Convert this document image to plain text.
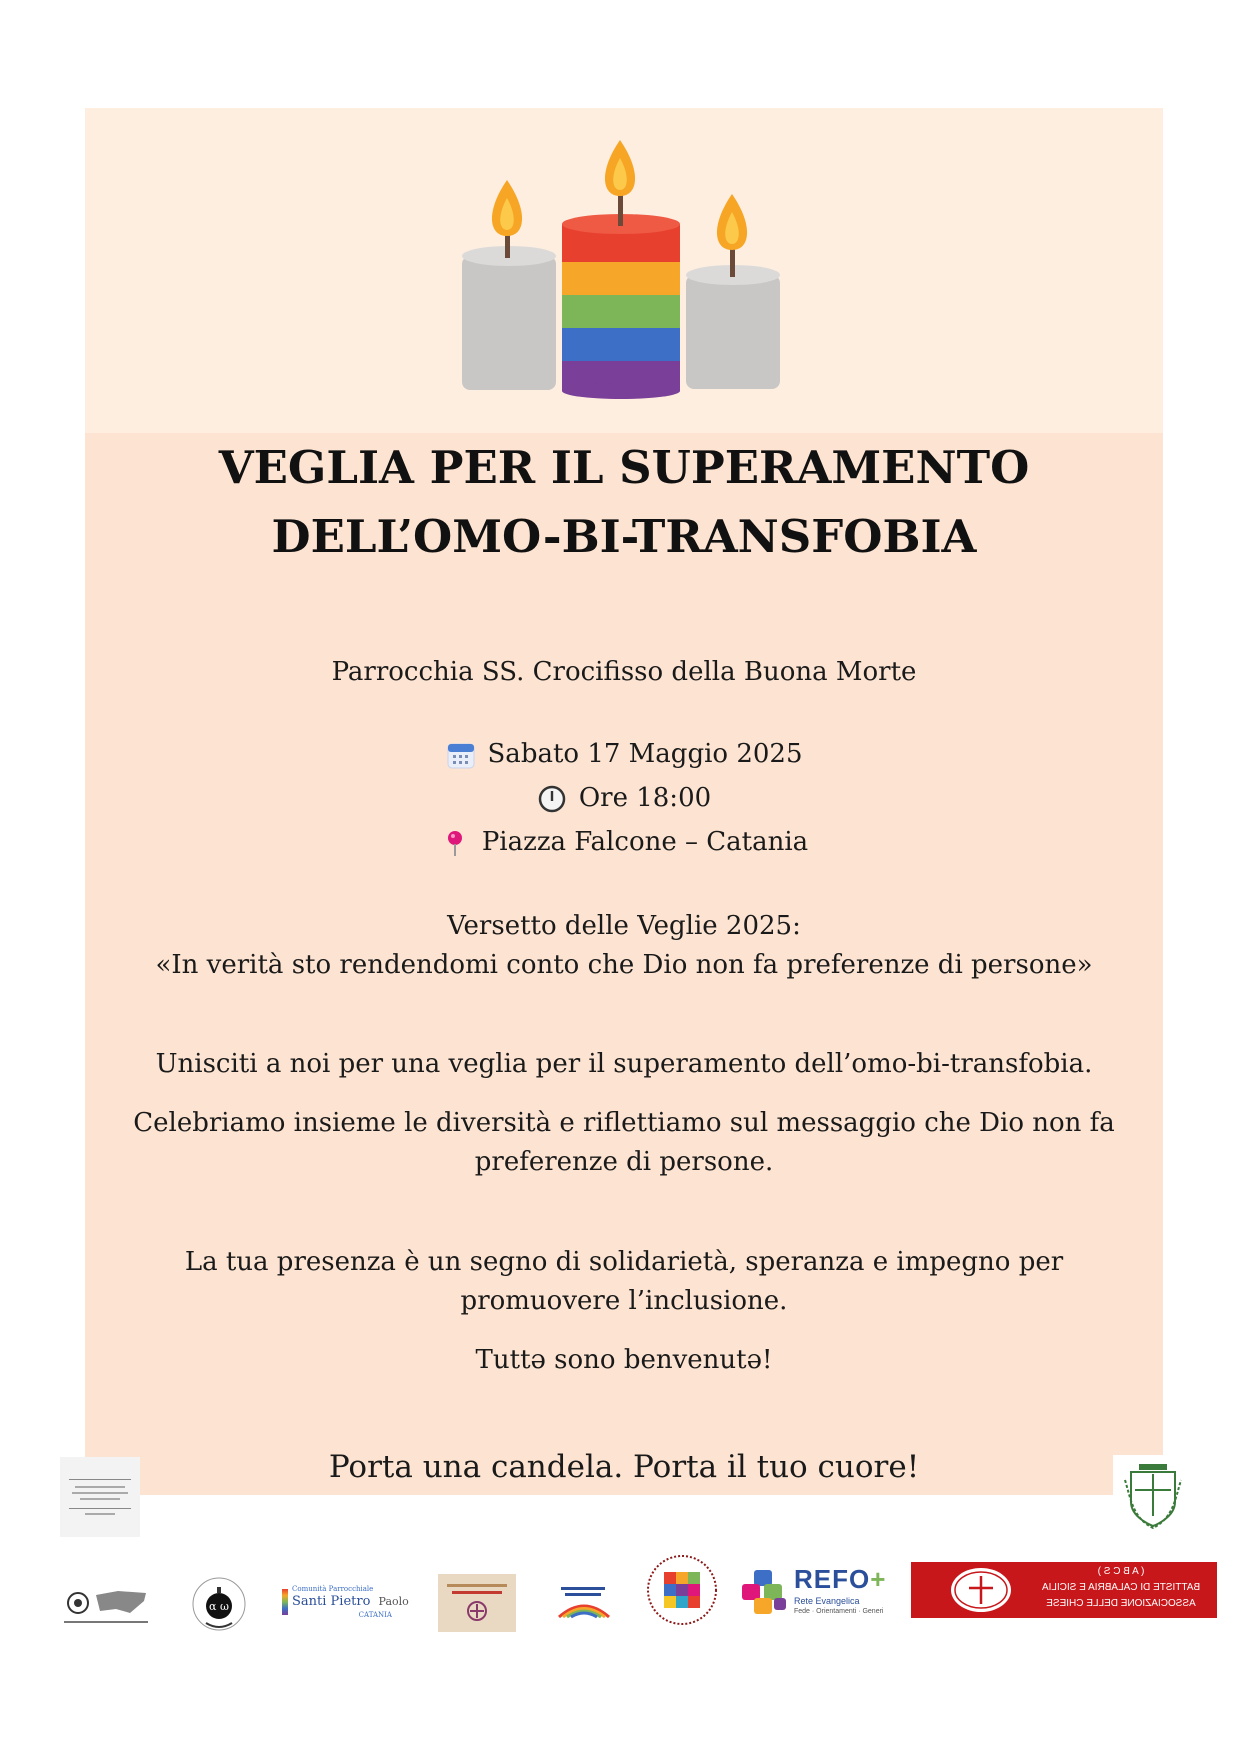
VEGLIA PER IL SUPERAMENTO
DELL’OMO-BI-TRANSFOBIA

Parrocchia SS. Crocifisso della Buona Morte

Sabato 17 Maggio 2025
Ore 18:00
Piazza Falcone – Catania

Versetto delle Veglie 2025:

«In verità sto rendendomi conto che Dio non fa preferenze di persone»

Unisciti a noi per una veglia per il superamento dell’omo-bi-transfobia.

Celebriamo insieme le diversità e riflettiamo sul messaggio che Dio non fa
preferenze di persone.

La tua presenza è un segno di solidarietà, speranza e impegno per
promuovere l’inclusione.

Tuttə sono benvenutə!

Porta una candela. Porta il tuo cuore!

α ω
Comunità Parrocchiale
Santi Pietro Paolo
CATANIA
REFO+
Rete Evangelica
Fede · Orientamenti · Generi
( A B C S )
BATTISTE DI CALABRIA E SICILIA
ASSOCIAZIONE DELLE CHIESE
